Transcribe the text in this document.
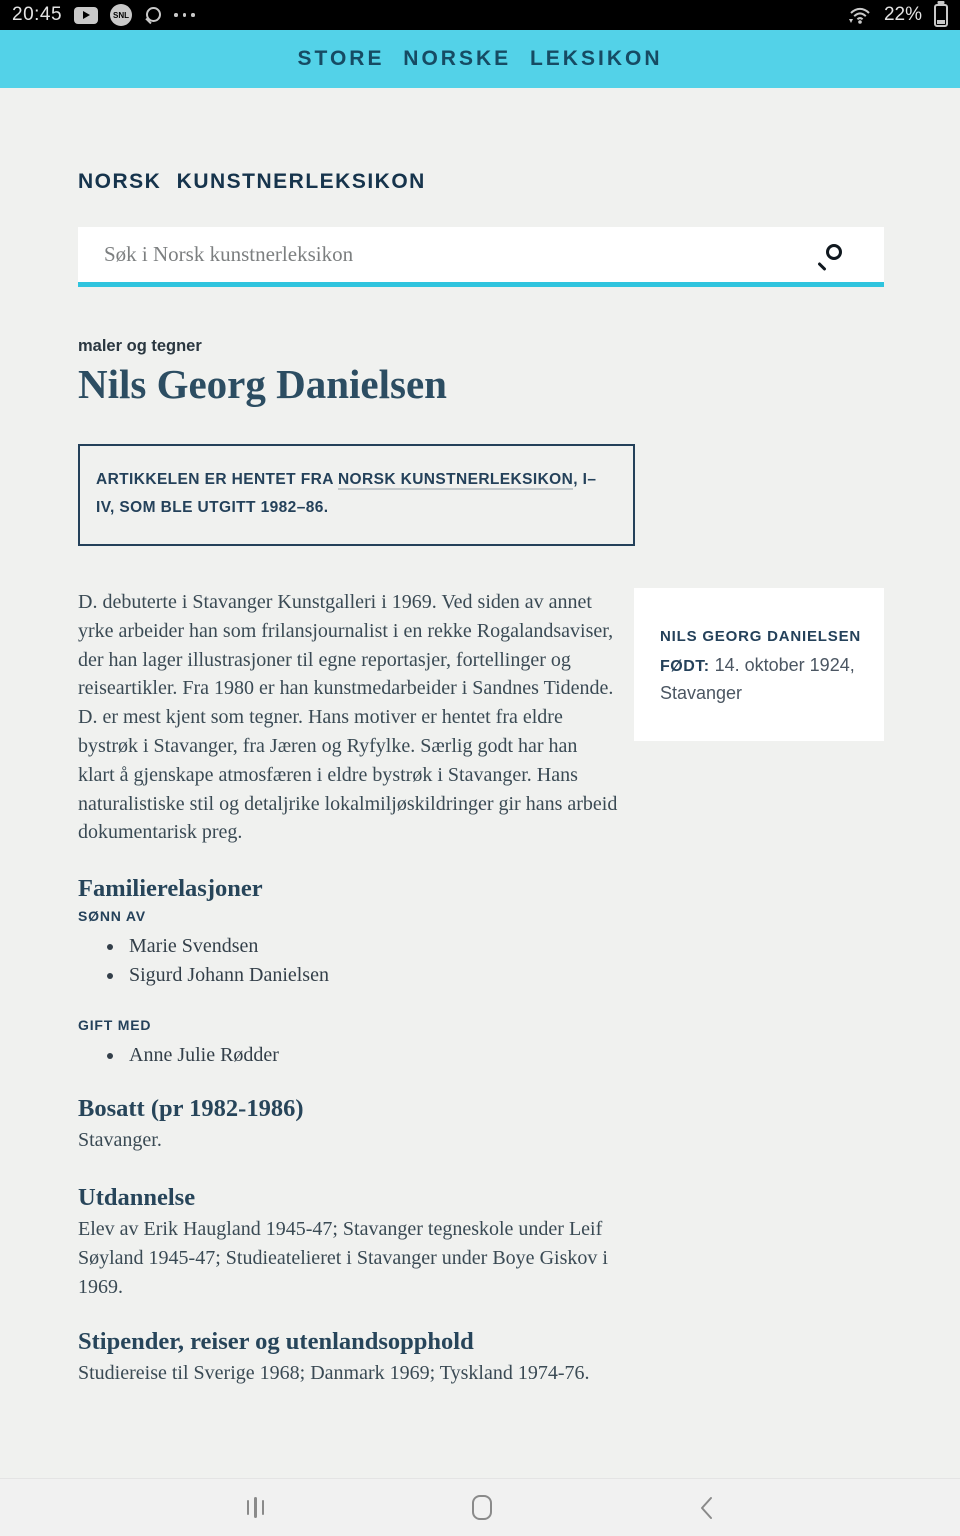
20:45	SNL	22%
STORE NORSKE LEKSIKON
NORSK KUNSTNERLEKSIKON
Søk i Norsk kunstnerleksikon
maler og tegner
Nils Georg Danielsen
ARTIKKELEN ER HENTET FRA NORSK KUNSTNERLEKSIKON, I–IV, SOM BLE UTGITT 1982–86.

D. debuterte i Stavanger Kunstgalleri i 1969. Ved siden av annet yrke arbeider han som frilansjournalist i en rekke Rogalandsaviser, der han lager illustrasjoner til egne reportasjer, fortellinger og reiseartikler. Fra 1980 er han kunstmedarbeider i Sandnes Tidende. D. er mest kjent som tegner. Hans motiver er hentet fra eldre bystrøk i Stavanger, fra Jæren og Ryfylke. Særlig godt har han klart å gjenskape atmosfæren i eldre bystrøk i Stavanger. Hans naturalistiske stil og detaljrike lokalmiljøskildringer gir hans arbeid dokumentarisk preg.

NILS GEORG DANIELSEN
FØDT: 14. oktober 1924, Stavanger
Familierelasjoner
SØNN AV
• Marie Svendsen
• Sigurd Johann Danielsen
GIFT MED
• Anne Julie Rødder
Bosatt (pr 1982-1986)

Stavanger.

Utdannelse

Elev av Erik Haugland 1945-47; Stavanger tegneskole under Leif Søyland 1945-47; Studieatelieret i Stavanger under Boye Giskov i 1969.

Stipender, reiser og utenlandsopphold

Studiereise til Sverige 1968; Danmark 1969; Tyskland 1974-76.
